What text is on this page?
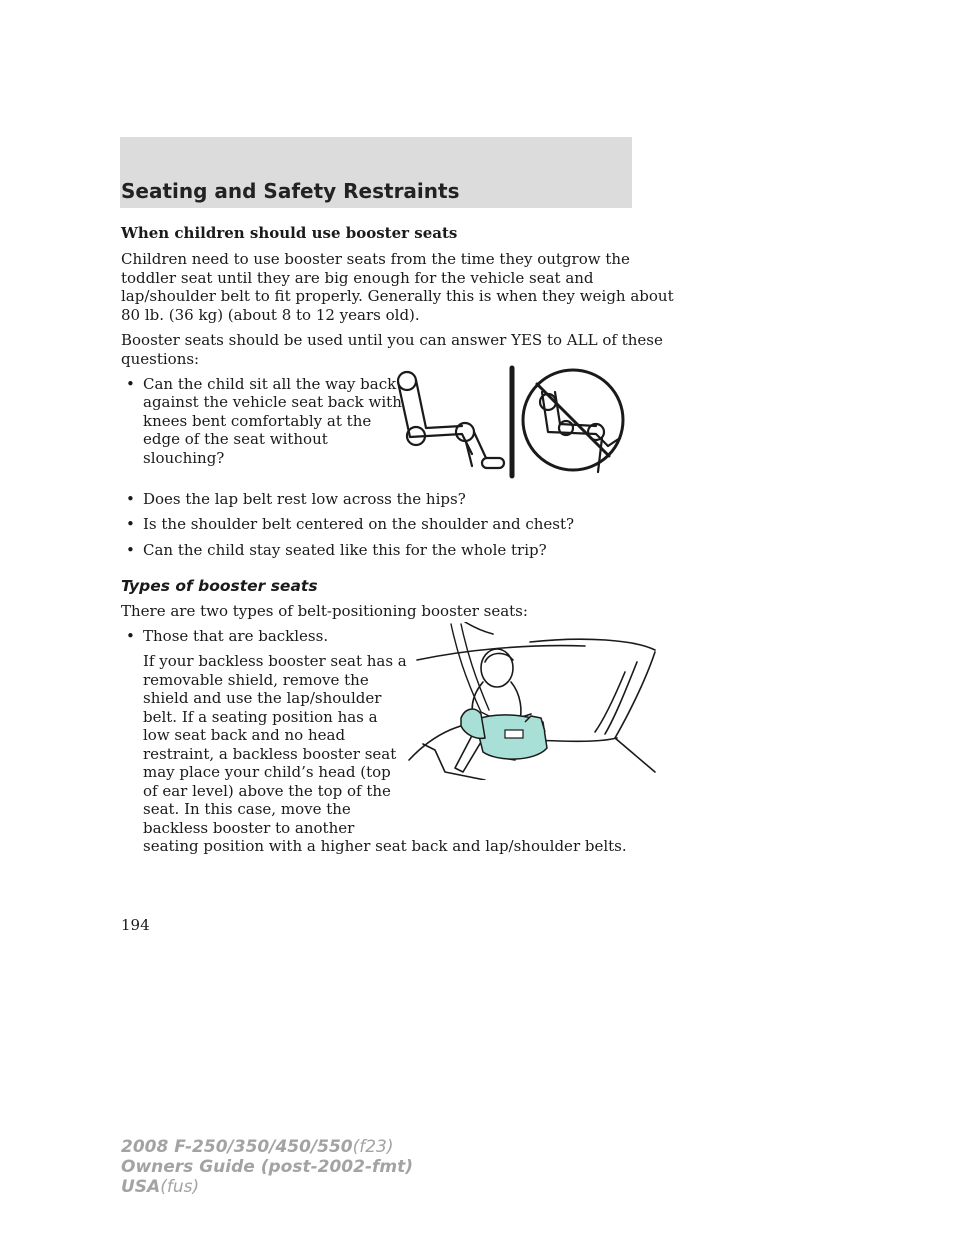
Seating and Safety Restraints
When children should use booster seats
Children need to use booster seats from the time they outgrow the
toddler seat until they are big enough for the vehicle seat and
lap/shoulder belt to fit properly. Generally this is when they weigh about
80 lb. (36 kg) (about 8 to 12 years old).
Booster seats should be used until you can answer YES to ALL of these
questions:
• Can the child sit all the way back
against the vehicle seat back with
knees bent comfortably at the
edge of the seat without
slouching?
• Does the lap belt rest low across the hips?
• Is the shoulder belt centered on the shoulder and chest?
• Can the child stay seated like this for the whole trip?
Types of booster seats
There are two types of belt-positioning booster seats:
• Those that are backless.
If your backless booster seat has a
removable shield, remove the
shield and use the lap/shoulder
belt. If a seating position has a
low seat back and no head
restraint, a backless booster seat
may place your child’s head (top
of ear level) above the top of the
seat. In this case, move the
backless booster to another
seating position with a higher seat back and lap/shoulder belts.
194
2008 F-250/350/450/550(f23)
Owners Guide (post-2002-fmt)
USA(fus)
